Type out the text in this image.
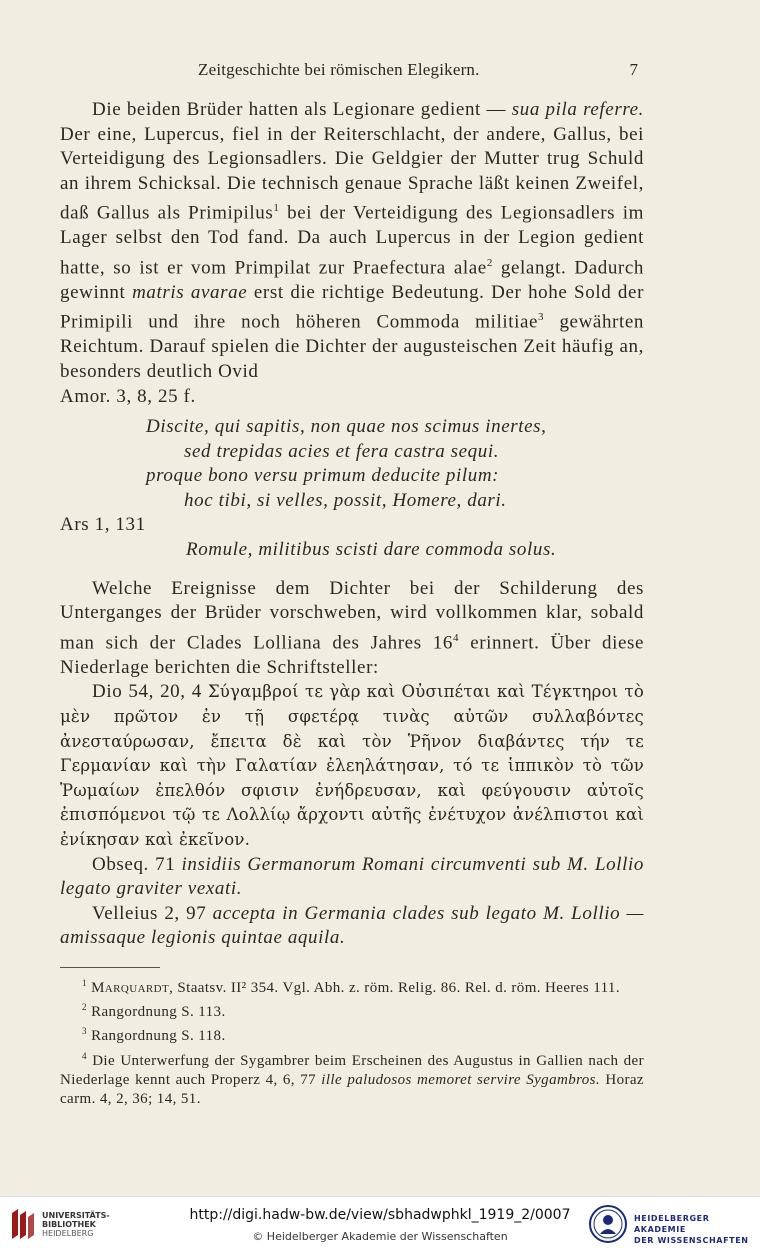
Zeitgeschichte bei römischen Elegikern.	7

Die beiden Brüder hatten als Legionare gedient — sua pila referre. Der eine, Lupercus, fiel in der Reiterschlacht, der andere, Gallus, bei Verteidigung des Legionsadlers. Die Geldgier der Mutter trug Schuld an ihrem Schicksal. Die technisch genaue Sprache läßt keinen Zweifel, daß Gallus als Primipilus$^1$ bei der Verteidigung des Legionsadlers im Lager selbst den Tod fand. Da auch Lupercus in der Legion gedient hatte, so ist er vom Primpilat zur Praefectura alae$^2$ gelangt. Dadurch gewinnt matris avarae erst die richtige Bedeutung. Der hohe Sold der Primipili und ihre noch höheren Commoda militiae$^3$ gewährten Reichtum. Darauf spielen die Dichter der augusteischen Zeit häufig an, besonders deutlich Ovid

Amor. 3, 8, 25 f.

Discite, qui sapitis, non quae nos scimus inertes,
sed trepidas acies et fera castra sequi.
proque bono versu primum deducite pilum:
hoc tibi, si velles, possit, Homere, dari.

Ars 1, 131

Romule, militibus scisti dare commoda solus.

Welche Ereignisse dem Dichter bei der Schilderung des Unterganges der Brüder vorschweben, wird vollkommen klar, sobald man sich der Clades Lolliana des Jahres $16^4$ erinnert. Über diese Niederlage berichten die Schriftsteller:

Dio 54, 20, 4 Σύγαμβροί τε γὰρ καὶ Οὐσιπέται καὶ Τέγκτηροι τὸ μὲν πρῶτον ἐν τῇ σφετέρᾳ τινὰς αὐτῶν συλλαβόντες ἀνεσταύρωσαν, ἔπειτα δὲ καὶ τὸν Ῥῆνον διαβάντες τήν τε Γερμανίαν καὶ τὴν Γαλατίαν ἐλεηλάτησαν, τό τε ἱππικὸν τὸ τῶν Ῥωμαίων ἐπελθόν σφισιν ἐνήδρευσαν, καὶ φεύγουσιν αὐτοῖς ἐπισπόμενοι τῷ τε Λολλίῳ ἄρχοντι αὐτῆς ἐνέτυχον ἀνέλπιστοι καὶ ἐνίκησαν καὶ ἐκεῖνον.

Obseq. 71 insidiis Germanorum Romani circumventi sub M. Lollio legato graviter vexati.

Velleius 2, 97 accepta in Germania clades sub legato M. Lollio — amissaque legionis quintae aquila.

$^1$ Marquardt, Staatsv. II² 354. Vgl. Abh. z. röm. Relig. 86. Rel. d. röm. Heeres 111.

$^2$ Rangordnung S. 113.

$^3$ Rangordnung S. 118.

$^4$ Die Unterwerfung der Sygambrer beim Erscheinen des Augustus in Gallien nach der Niederlage kennt auch Properz 4, 6, 77 ille paludosos memoret servire Sygambros. Horaz carm. 4, 2, 36; 14, 51.

UNIVERSITÄTS-
BIBLIOTHEK
HEIDELBERG
http://digi.hadw-bw.de/view/sbhadwphkl_1919_2/0007
© Heidelberger Akademie der Wissenschaften
HEIDELBERGER AKADEMIE
DER WISSENSCHAFTEN
